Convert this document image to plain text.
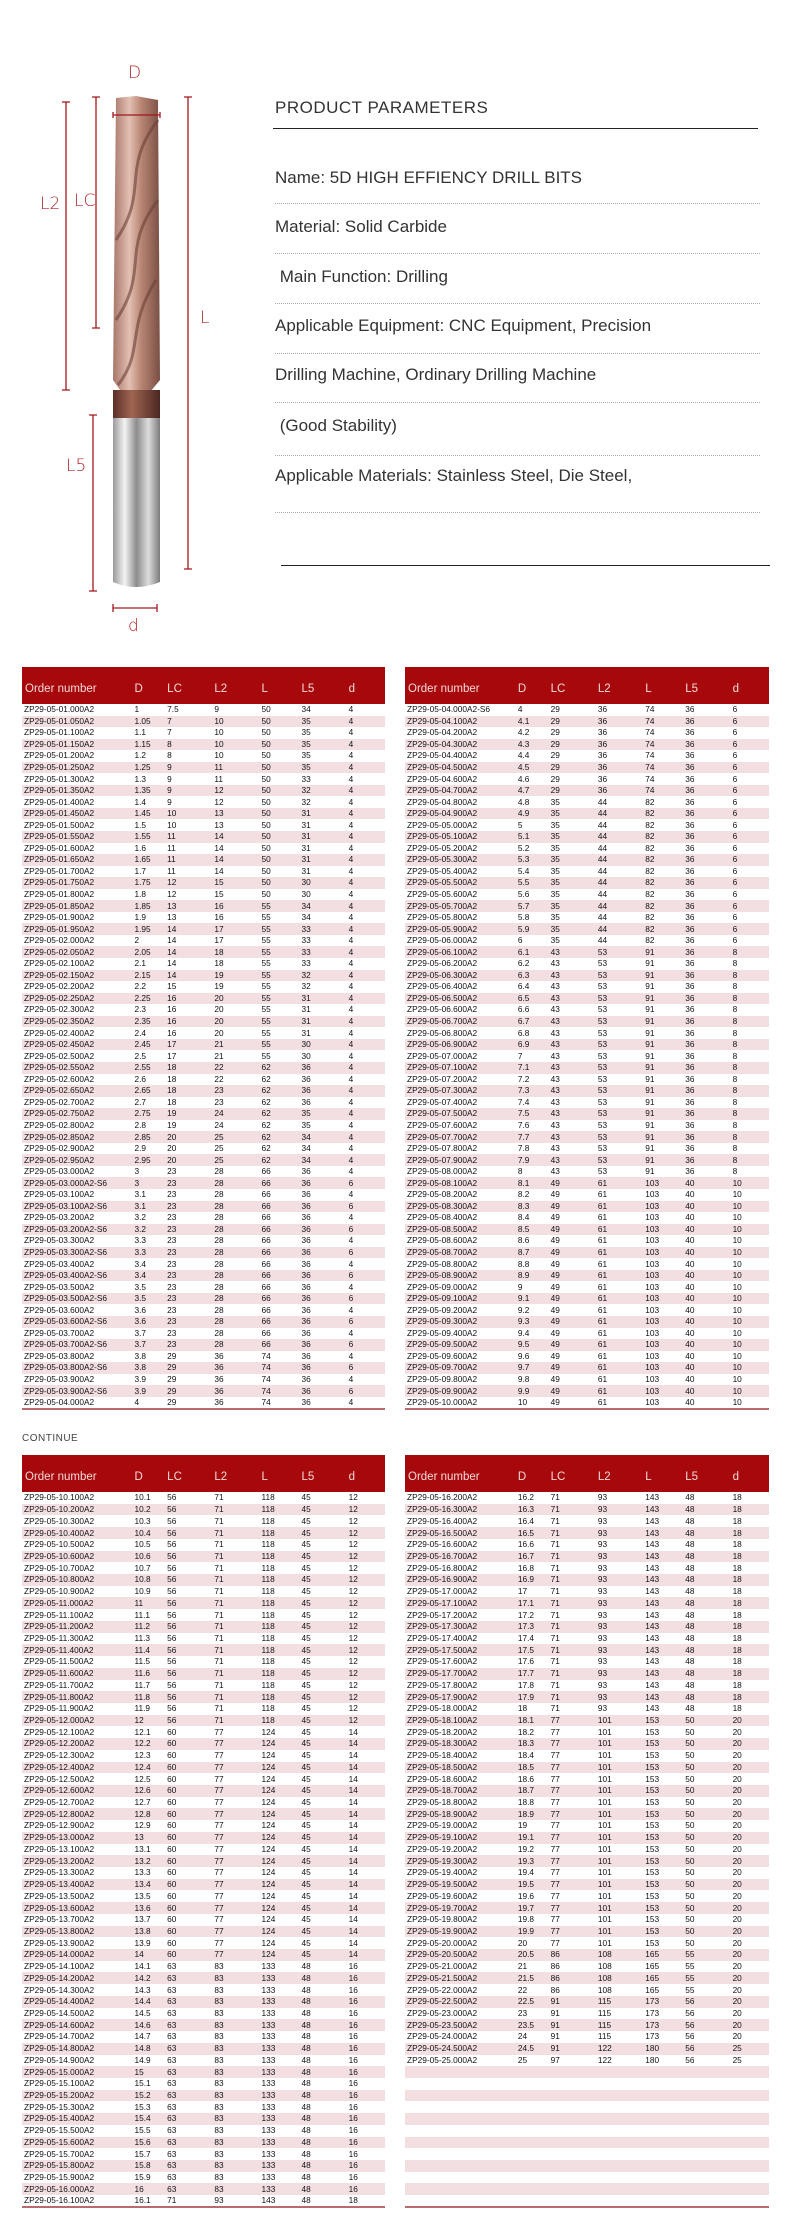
D
L2 LC
L
L5
d
PRODUCT PARAMETERS
Name: 5D HIGH EFFIENCY DRILL BITS
Material: Solid Carbide
Main Function: Drilling
Applicable Equipment: CNC Equipment, Precision
Drilling Machine, Ordinary Drilling Machine
(Good Stability)
Applicable Materials: Stainless Steel, Die Steel,
Order number	D	LC	L2	L	L5	d
ZP29-05-01.000A2	1	7.5	9	50	34	4
ZP29-05-01.050A2	1.05	7	10	50	35	4
ZP29-05-01.100A2	1.1	7	10	50	35	4
ZP29-05-01.150A2	1.15	8	10	50	35	4
ZP29-05-01.200A2	1.2	8	10	50	35	4
ZP29-05-01.250A2	1.25	9	11	50	35	4
ZP29-05-01.300A2	1.3	9	11	50	33	4
ZP29-05-01.350A2	1.35	9	12	50	32	4
ZP29-05-01.400A2	1.4	9	12	50	32	4
ZP29-05-01.450A2	1.45	10	13	50	31	4
ZP29-05-01.500A2	1.5	10	13	50	31	4
ZP29-05-01.550A2	1.55	11	14	50	31	4
ZP29-05-01.600A2	1.6	11	14	50	31	4
ZP29-05-01.650A2	1.65	11	14	50	31	4
ZP29-05-01.700A2	1.7	11	14	50	31	4
ZP29-05-01.750A2	1.75	12	15	50	30	4
ZP29-05-01.800A2	1.8	12	15	50	30	4
ZP29-05-01.850A2	1.85	13	16	55	34	4
ZP29-05-01.900A2	1.9	13	16	55	34	4
ZP29-05-01.950A2	1.95	14	17	55	33	4
ZP29-05-02.000A2	2	14	17	55	33	4
ZP29-05-02.050A2	2.05	14	18	55	33	4
ZP29-05-02.100A2	2.1	14	18	55	33	4
ZP29-05-02.150A2	2.15	14	19	55	32	4
ZP29-05-02.200A2	2.2	15	19	55	32	4
ZP29-05-02.250A2	2.25	16	20	55	31	4
ZP29-05-02.300A2	2.3	16	20	55	31	4
ZP29-05-02.350A2	2.35	16	20	55	31	4
ZP29-05-02.400A2	2.4	16	20	55	31	4
ZP29-05-02.450A2	2.45	17	21	55	30	4
ZP29-05-02.500A2	2.5	17	21	55	30	4
ZP29-05-02.550A2	2.55	18	22	62	36	4
ZP29-05-02.600A2	2.6	18	22	62	36	4
ZP29-05-02.650A2	2.65	18	23	62	36	4
ZP29-05-02.700A2	2.7	18	23	62	36	4
ZP29-05-02.750A2	2.75	19	24	62	35	4
ZP29-05-02.800A2	2.8	19	24	62	35	4
ZP29-05-02.850A2	2.85	20	25	62	34	4
ZP29-05-02.900A2	2.9	20	25	62	34	4
ZP29-05-02.950A2	2.95	20	25	62	34	4
ZP29-05-03.000A2	3	23	28	66	36	4
ZP29-05-03.000A2-S6	3	23	28	66	36	6
ZP29-05-03.100A2	3.1	23	28	66	36	4
ZP29-05-03.100A2-S6	3.1	23	28	66	36	6
ZP29-05-03.200A2	3.2	23	28	66	36	4
ZP29-05-03.200A2-S6	3.2	23	28	66	36	6
ZP29-05-03.300A2	3.3	23	28	66	36	4
ZP29-05-03.300A2-S6	3.3	23	28	66	36	6
ZP29-05-03.400A2	3.4	23	28	66	36	4
ZP29-05-03.400A2-S6	3.4	23	28	66	36	6
ZP29-05-03.500A2	3.5	23	28	66	36	4
ZP29-05-03.500A2-S6	3.5	23	28	66	36	6
ZP29-05-03.600A2	3.6	23	28	66	36	4
ZP29-05-03.600A2-S6	3.6	23	28	66	36	6
ZP29-05-03.700A2	3.7	23	28	66	36	4
ZP29-05-03.700A2-S6	3.7	23	28	66	36	6
ZP29-05-03.800A2	3.8	29	36	74	36	4
ZP29-05-03.800A2-S6	3.8	29	36	74	36	6
ZP29-05-03.900A2	3.9	29	36	74	36	4
ZP29-05-03.900A2-S6	3.9	29	36	74	36	6
ZP29-05-04.000A2	4	29	36	74	36	4
Order number	D	LC	L2	L	L5	d
ZP29-05-04.000A2-S6	4	29	36	74	36	6
ZP29-05-04.100A2	4.1	29	36	74	36	6
ZP29-05-04.200A2	4.2	29	36	74	36	6
ZP29-05-04.300A2	4.3	29	36	74	36	6
ZP29-05-04.400A2	4.4	29	36	74	36	6
ZP29-05-04.500A2	4.5	29	36	74	36	6
ZP29-05-04.600A2	4.6	29	36	74	36	6
ZP29-05-04.700A2	4.7	29	36	74	36	6
ZP29-05-04.800A2	4.8	35	44	82	36	6
ZP29-05-04.900A2	4.9	35	44	82	36	6
ZP29-05-05.000A2	5	35	44	82	36	6
ZP29-05-05.100A2	5.1	35	44	82	36	6
ZP29-05-05.200A2	5.2	35	44	82	36	6
ZP29-05-05.300A2	5.3	35	44	82	36	6
ZP29-05-05.400A2	5.4	35	44	82	36	6
ZP29-05-05.500A2	5.5	35	44	82	36	6
ZP29-05-05.600A2	5.6	35	44	82	36	6
ZP29-05-05.700A2	5.7	35	44	82	36	6
ZP29-05-05.800A2	5.8	35	44	82	36	6
ZP29-05-05.900A2	5.9	35	44	82	36	6
ZP29-05-06.000A2	6	35	44	82	36	6
ZP29-05-06.100A2	6.1	43	53	91	36	8
ZP29-05-06.200A2	6.2	43	53	91	36	8
ZP29-05-06.300A2	6.3	43	53	91	36	8
ZP29-05-06.400A2	6.4	43	53	91	36	8
ZP29-05-06.500A2	6.5	43	53	91	36	8
ZP29-05-06.600A2	6.6	43	53	91	36	8
ZP29-05-06.700A2	6.7	43	53	91	36	8
ZP29-05-06.800A2	6.8	43	53	91	36	8
ZP29-05-06.900A2	6.9	43	53	91	36	8
ZP29-05-07.000A2	7	43	53	91	36	8
ZP29-05-07.100A2	7.1	43	53	91	36	8
ZP29-05-07.200A2	7.2	43	53	91	36	8
ZP29-05-07.300A2	7.3	43	53	91	36	8
ZP29-05-07.400A2	7.4	43	53	91	36	8
ZP29-05-07.500A2	7.5	43	53	91	36	8
ZP29-05-07.600A2	7.6	43	53	91	36	8
ZP29-05-07.700A2	7.7	43	53	91	36	8
ZP29-05-07.800A2	7.8	43	53	91	36	8
ZP29-05-07.900A2	7.9	43	53	91	36	8
ZP29-05-08.000A2	8	43	53	91	36	8
ZP29-05-08.100A2	8.1	49	61	103	40	10
ZP29-05-08.200A2	8.2	49	61	103	40	10
ZP29-05-08.300A2	8.3	49	61	103	40	10
ZP29-05-08.400A2	8.4	49	61	103	40	10
ZP29-05-08.500A2	8.5	49	61	103	40	10
ZP29-05-08.600A2	8.6	49	61	103	40	10
ZP29-05-08.700A2	8.7	49	61	103	40	10
ZP29-05-08.800A2	8.8	49	61	103	40	10
ZP29-05-08.900A2	8.9	49	61	103	40	10
ZP29-05-09.000A2	9	49	61	103	40	10
ZP29-05-09.100A2	9.1	49	61	103	40	10
ZP29-05-09.200A2	9.2	49	61	103	40	10
ZP29-05-09.300A2	9.3	49	61	103	40	10
ZP29-05-09.400A2	9.4	49	61	103	40	10
ZP29-05-09.500A2	9.5	49	61	103	40	10
ZP29-05-09.600A2	9.6	49	61	103	40	10
ZP29-05-09.700A2	9.7	49	61	103	40	10
ZP29-05-09.800A2	9.8	49	61	103	40	10
ZP29-05-09.900A2	9.9	49	61	103	40	10
ZP29-05-10.000A2	10	49	61	103	40	10
CONTINUE
Order number	D	LC	L2	L	L5	d
ZP29-05-10.100A2	10.1	56	71	118	45	12
ZP29-05-10.200A2	10.2	56	71	118	45	12
ZP29-05-10.300A2	10.3	56	71	118	45	12
ZP29-05-10.400A2	10.4	56	71	118	45	12
ZP29-05-10.500A2	10.5	56	71	118	45	12
ZP29-05-10.600A2	10.6	56	71	118	45	12
ZP29-05-10.700A2	10.7	56	71	118	45	12
ZP29-05-10.800A2	10.8	56	71	118	45	12
ZP29-05-10.900A2	10.9	56	71	118	45	12
ZP29-05-11.000A2	11	56	71	118	45	12
ZP29-05-11.100A2	11.1	56	71	118	45	12
ZP29-05-11.200A2	11.2	56	71	118	45	12
ZP29-05-11.300A2	11.3	56	71	118	45	12
ZP29-05-11.400A2	11.4	56	71	118	45	12
ZP29-05-11.500A2	11.5	56	71	118	45	12
ZP29-05-11.600A2	11.6	56	71	118	45	12
ZP29-05-11.700A2	11.7	56	71	118	45	12
ZP29-05-11.800A2	11.8	56	71	118	45	12
ZP29-05-11.900A2	11.9	56	71	118	45	12
ZP29-05-12.000A2	12	56	71	118	45	12
ZP29-05-12.100A2	12.1	60	77	124	45	14
ZP29-05-12.200A2	12.2	60	77	124	45	14
ZP29-05-12.300A2	12.3	60	77	124	45	14
ZP29-05-12.400A2	12.4	60	77	124	45	14
ZP29-05-12.500A2	12.5	60	77	124	45	14
ZP29-05-12.600A2	12.6	60	77	124	45	14
ZP29-05-12.700A2	12.7	60	77	124	45	14
ZP29-05-12.800A2	12.8	60	77	124	45	14
ZP29-05-12.900A2	12.9	60	77	124	45	14
ZP29-05-13.000A2	13	60	77	124	45	14
ZP29-05-13.100A2	13.1	60	77	124	45	14
ZP29-05-13.200A2	13.2	60	77	124	45	14
ZP29-05-13.300A2	13.3	60	77	124	45	14
ZP29-05-13.400A2	13.4	60	77	124	45	14
ZP29-05-13.500A2	13.5	60	77	124	45	14
ZP29-05-13.600A2	13.6	60	77	124	45	14
ZP29-05-13.700A2	13.7	60	77	124	45	14
ZP29-05-13.800A2	13.8	60	77	124	45	14
ZP29-05-13.900A2	13.9	60	77	124	45	14
ZP29-05-14.000A2	14	60	77	124	45	14
ZP29-05-14.100A2	14.1	63	83	133	48	16
ZP29-05-14.200A2	14.2	63	83	133	48	16
ZP29-05-14.300A2	14.3	63	83	133	48	16
ZP29-05-14.400A2	14.4	63	83	133	48	16
ZP29-05-14.500A2	14.5	63	83	133	48	16
ZP29-05-14.600A2	14.6	63	83	133	48	16
ZP29-05-14.700A2	14.7	63	83	133	48	16
ZP29-05-14.800A2	14.8	63	83	133	48	16
ZP29-05-14.900A2	14.9	63	83	133	48	16
ZP29-05-15.000A2	15	63	83	133	48	16
ZP29-05-15.100A2	15.1	63	83	133	48	16
ZP29-05-15.200A2	15.2	63	83	133	48	16
ZP29-05-15.300A2	15.3	63	83	133	48	16
ZP29-05-15.400A2	15.4	63	83	133	48	16
ZP29-05-15.500A2	15.5	63	83	133	48	16
ZP29-05-15.600A2	15.6	63	83	133	48	16
ZP29-05-15.700A2	15.7	63	83	133	48	16
ZP29-05-15.800A2	15.8	63	83	133	48	16
ZP29-05-15.900A2	15.9	63	83	133	48	16
ZP29-05-16.000A2	16	63	83	133	48	16
ZP29-05-16.100A2	16.1	71	93	143	48	18
Order number	D	LC	L2	L	L5	d
ZP29-05-16.200A2	16.2	71	93	143	48	18
ZP29-05-16.300A2	16.3	71	93	143	48	18
ZP29-05-16.400A2	16.4	71	93	143	48	18
ZP29-05-16.500A2	16.5	71	93	143	48	18
ZP29-05-16.600A2	16.6	71	93	143	48	18
ZP29-05-16.700A2	16.7	71	93	143	48	18
ZP29-05-16.800A2	16.8	71	93	143	48	18
ZP29-05-16.900A2	16.9	71	93	143	48	18
ZP29-05-17.000A2	17	71	93	143	48	18
ZP29-05-17.100A2	17.1	71	93	143	48	18
ZP29-05-17.200A2	17.2	71	93	143	48	18
ZP29-05-17.300A2	17.3	71	93	143	48	18
ZP29-05-17.400A2	17.4	71	93	143	48	18
ZP29-05-17.500A2	17.5	71	93	143	48	18
ZP29-05-17.600A2	17.6	71	93	143	48	18
ZP29-05-17.700A2	17.7	71	93	143	48	18
ZP29-05-17.800A2	17.8	71	93	143	48	18
ZP29-05-17.900A2	17.9	71	93	143	48	18
ZP29-05-18.000A2	18	71	93	143	48	18
ZP29-05-18.100A2	18.1	77	101	153	50	20
ZP29-05-18.200A2	18.2	77	101	153	50	20
ZP29-05-18.300A2	18.3	77	101	153	50	20
ZP29-05-18.400A2	18.4	77	101	153	50	20
ZP29-05-18.500A2	18.5	77	101	153	50	20
ZP29-05-18.600A2	18.6	77	101	153	50	20
ZP29-05-18.700A2	18.7	77	101	153	50	20
ZP29-05-18.800A2	18.8	77	101	153	50	20
ZP29-05-18.900A2	18.9	77	101	153	50	20
ZP29-05-19.000A2	19	77	101	153	50	20
ZP29-05-19.100A2	19.1	77	101	153	50	20
ZP29-05-19.200A2	19.2	77	101	153	50	20
ZP29-05-19.300A2	19.3	77	101	153	50	20
ZP29-05-19.400A2	19.4	77	101	153	50	20
ZP29-05-19.500A2	19.5	77	101	153	50	20
ZP29-05-19.600A2	19.6	77	101	153	50	20
ZP29-05-19.700A2	19.7	77	101	153	50	20
ZP29-05-19.800A2	19.8	77	101	153	50	20
ZP29-05-19.900A2	19.9	77	101	153	50	20
ZP29-05-20.000A2	20	77	101	153	50	20
ZP29-05-20.500A2	20.5	86	108	165	55	20
ZP29-05-21.000A2	21	86	108	165	55	20
ZP29-05-21.500A2	21.5	86	108	165	55	20
ZP29-05-22.000A2	22	86	108	165	55	20
ZP29-05-22.500A2	22.5	91	115	173	56	20
ZP29-05-23.000A2	23	91	115	173	56	20
ZP29-05-23.500A2	23.5	91	115	173	56	20
ZP29-05-24.000A2	24	91	115	173	56	20
ZP29-05-24.500A2	24.5	91	122	180	56	25
ZP29-05-25.000A2	25	97	122	180	56	25
